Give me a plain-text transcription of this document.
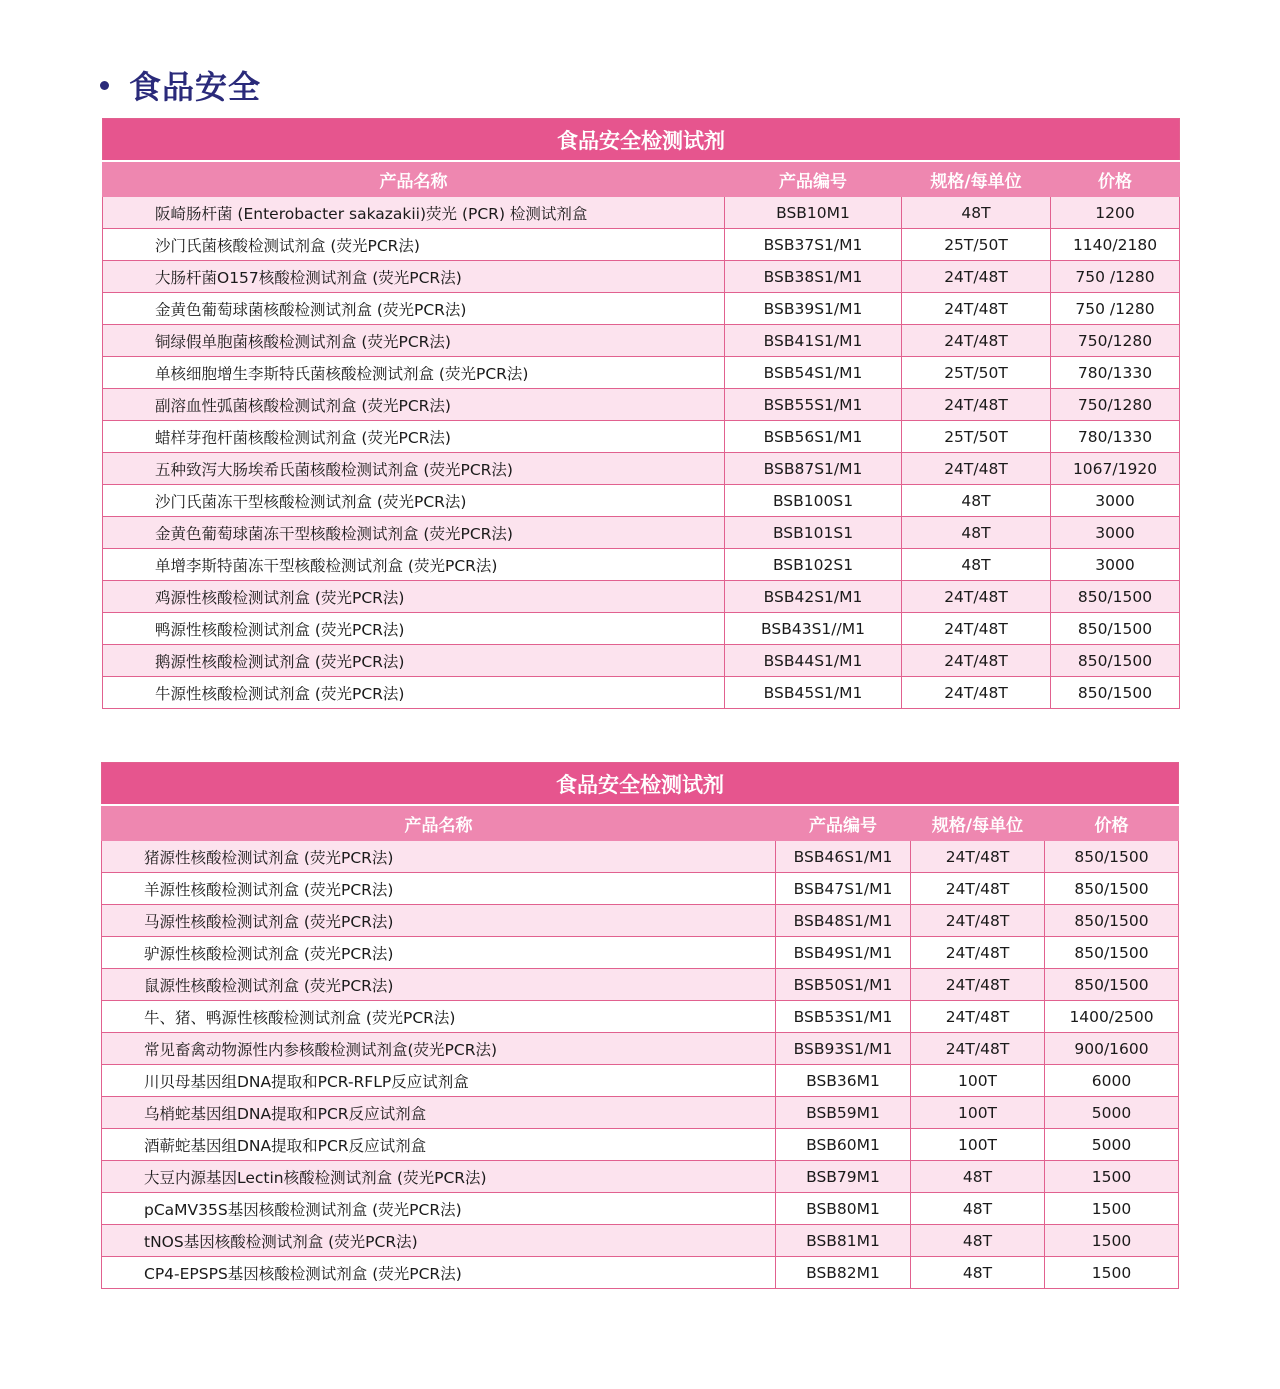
食品安全
食品安全检测试剂			
产品名称	产品编号	规格/每单位	价格
阪崎肠杆菌 (Enterobacter sakazakii)荧光 (PCR) 检测试剂盒	BSB10M1	48T	1200
沙门氏菌核酸检测试剂盒 (荧光PCR法)	BSB37S1/M1	25T/50T	1140/2180
大肠杆菌O157核酸检测试剂盒 (荧光PCR法)	BSB38S1/M1	24T/48T	750 /1280
金黄色葡萄球菌核酸检测试剂盒 (荧光PCR法)	BSB39S1/M1	24T/48T	750 /1280
铜绿假单胞菌核酸检测试剂盒 (荧光PCR法)	BSB41S1/M1	24T/48T	750/1280
单核细胞增生李斯特氏菌核酸检测试剂盒 (荧光PCR法)	BSB54S1/M1	25T/50T	780/1330
副溶血性弧菌核酸检测试剂盒 (荧光PCR法)	BSB55S1/M1	24T/48T	750/1280
蜡样芽孢杆菌核酸检测试剂盒 (荧光PCR法)	BSB56S1/M1	25T/50T	780/1330
五种致泻大肠埃希氏菌核酸检测试剂盒 (荧光PCR法)	BSB87S1/M1	24T/48T	1067/1920
沙门氏菌冻干型核酸检测试剂盒 (荧光PCR法)	BSB100S1	48T	3000
金黄色葡萄球菌冻干型核酸检测试剂盒 (荧光PCR法)	BSB101S1	48T	3000
单增李斯特菌冻干型核酸检测试剂盒 (荧光PCR法)	BSB102S1	48T	3000
鸡源性核酸检测试剂盒 (荧光PCR法)	BSB42S1/M1	24T/48T	850/1500
鸭源性核酸检测试剂盒 (荧光PCR法)	BSB43S1//M1	24T/48T	850/1500
鹅源性核酸检测试剂盒 (荧光PCR法)	BSB44S1/M1	24T/48T	850/1500
牛源性核酸检测试剂盒 (荧光PCR法)	BSB45S1/M1	24T/48T	850/1500
食品安全检测试剂			
产品名称	产品编号	规格/每单位	价格
猪源性核酸检测试剂盒 (荧光PCR法)	BSB46S1/M1	24T/48T	850/1500
羊源性核酸检测试剂盒 (荧光PCR法)	BSB47S1/M1	24T/48T	850/1500
马源性核酸检测试剂盒 (荧光PCR法)	BSB48S1/M1	24T/48T	850/1500
驴源性核酸检测试剂盒 (荧光PCR法)	BSB49S1/M1	24T/48T	850/1500
鼠源性核酸检测试剂盒 (荧光PCR法)	BSB50S1/M1	24T/48T	850/1500
牛、猪、鸭源性核酸检测试剂盒 (荧光PCR法)	BSB53S1/M1	24T/48T	1400/2500
常见畜禽动物源性内参核酸检测试剂盒(荧光PCR法)	BSB93S1/M1	24T/48T	900/1600
川贝母基因组DNA提取和PCR-RFLP反应试剂盒	BSB36M1	100T	6000
乌梢蛇基因组DNA提取和PCR反应试剂盒	BSB59M1	100T	5000
酒蕲蛇基因组DNA提取和PCR反应试剂盒	BSB60M1	100T	5000
大豆内源基因Lectin核酸检测试剂盒 (荧光PCR法)	BSB79M1	48T	1500
pCaMV35S基因核酸检测试剂盒 (荧光PCR法)	BSB80M1	48T	1500
tNOS基因核酸检测试剂盒 (荧光PCR法)	BSB81M1	48T	1500
CP4-EPSPS基因核酸检测试剂盒 (荧光PCR法)	BSB82M1	48T	1500
